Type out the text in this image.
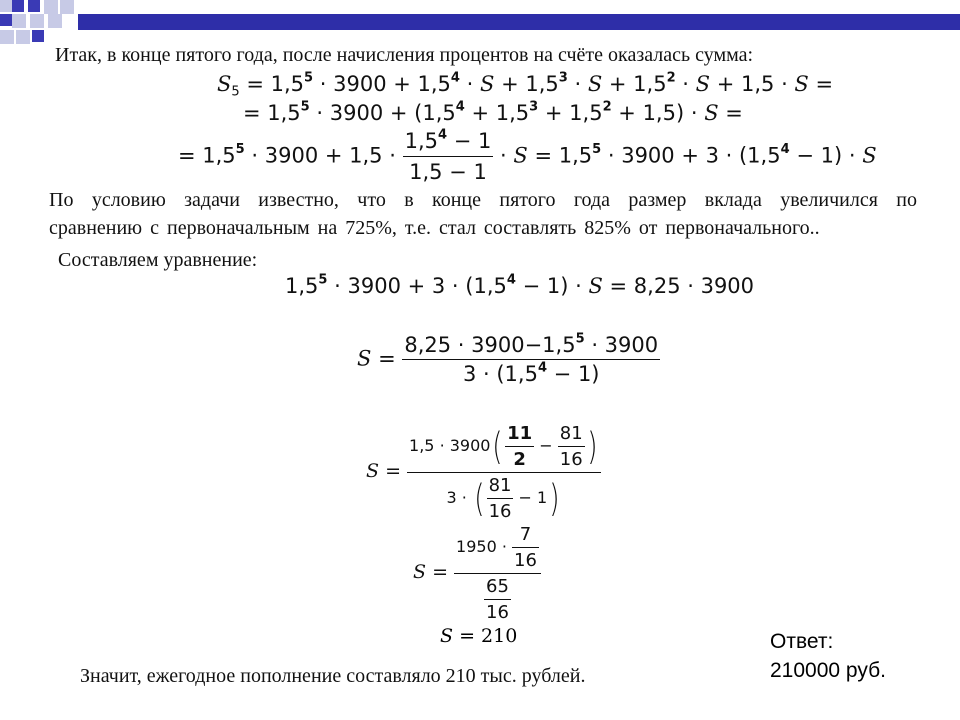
Итак, в конце пятого года, после начисления процентов на счёте оказалась сумма:
$S_5 = 1,5^5 \cdot 3900 + 1,5^4 \cdot S + 1,5^3 \cdot S + 1,5^2 \cdot S + 1,5 \cdot S$ =
= $1,5^5 \cdot 3900 + (1,5^4 + 1,5^3 + 1,5^2 + 1,5) \cdot S$ =
= $1,5^5 \cdot 3900 + 1,5 \cdot \frac{1,5^4 - 1}{1,5 - 1} \cdot S = 1,5^5 \cdot 3900 + 3 \cdot (1,5^4 - 1) \cdot S$
По условию задачи известно, что в конце пятого года размер вклада увеличился по
сравнению с первоначальным на 725%, т.е. стал составлять 825% от первоначального..
Составляем уравнение:
$1,5^5 \cdot 3900 + 3 \cdot (1,5^4 - 1) \cdot S = 8,25 \cdot 3900$
$S = \frac{8,25 \cdot 3900-1,5^5 \cdot 3900}{3 \cdot (1,5^4 - 1)}$
$S = \frac{1,5 \cdot 3900( \frac{11}{2} - \frac{81}{16} )}{3 \cdot ( \frac{81}{16} - 1)}$
$S = \frac{1950 \cdot \frac{7}{16}}{\frac{65}{16}}$
S = 210
Значит, ежегодное пополнение составляло 210 тыс. рублей.
Ответ:
210000 руб.
